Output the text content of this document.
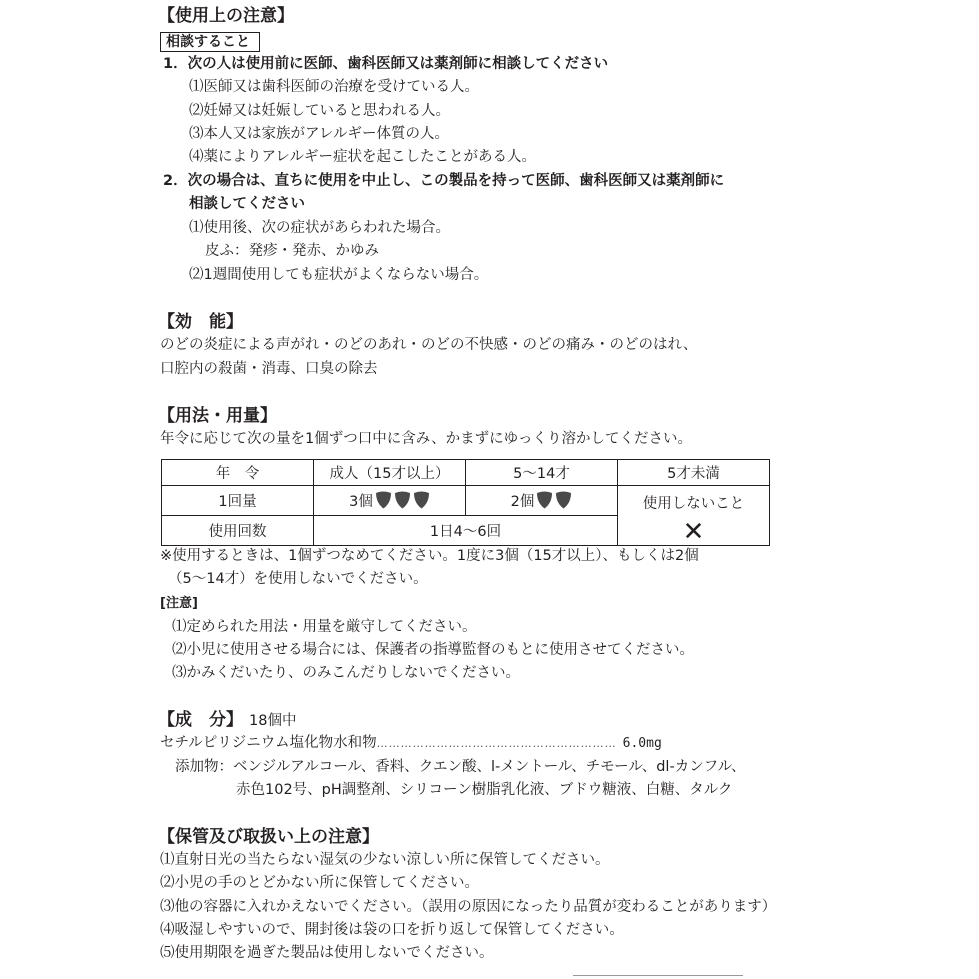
【使用上の注意】
相談すること
1．次の人は使用前に医師、歯科医師又は薬剤師に相談してください
⑴医師又は歯科医師の治療を受けている人。
⑵妊婦又は妊娠していると思われる人。
⑶本人又は家族がアレルギー体質の人。
⑷薬によりアレルギー症状を起こしたことがある人。
2．次の場合は、直ちに使用を中止し、この製品を持って医師、歯科医師又は薬剤師に
相談してください
⑴使用後、次の症状があらわれた場合。
皮ふ：発疹・発赤、かゆみ
⑵1週間使用しても症状がよくならない場合。
【効　能】
のどの炎症による声がれ・のどのあれ・のどの不快感・のどの痛み・のどのはれ、
口腔内の殺菌・消毒、口臭の除去
【用法・用量】
年令に応じて次の量を1個ずつ口中に含み、かまずにゆっくり溶かしてください。
年　令	成人（15才以上）	5～14才	5才未満
1回量	3個	2個	使用しないこと
✕

使用回数	1日4～6回		
※使用するときは、1個ずつなめてください。1度に3個（15才以上）、もしくは2個
（5～14才）を使用しないでください。
[注意]
⑴定められた用法・用量を厳守してください。
⑵小児に使用させる場合には、保護者の指導監督のもとに使用させてください。
⑶かみくだいたり、のみこんだりしないでください。
【成　分】 18個中
セチルピリジニウム塩化物水和物…………………………………………………… 6.0mg
添加物：ベンジルアルコール、香料、クエン酸、l-メントール、チモール、dl-カンフル、
赤色102号、pH調整剤、シリコーン樹脂乳化液、ブドウ糖液、白糖、タルク
【保管及び取扱い上の注意】
⑴直射日光の当たらない湿気の少ない涼しい所に保管してください。
⑵小児の手のとどかない所に保管してください。
⑶他の容器に入れかえないでください。（誤用の原因になったり品質が変わることがあります）
⑷吸湿しやすいので、開封後は袋の口を折り返して保管してください。
⑸使用期限を過ぎた製品は使用しないでください。
